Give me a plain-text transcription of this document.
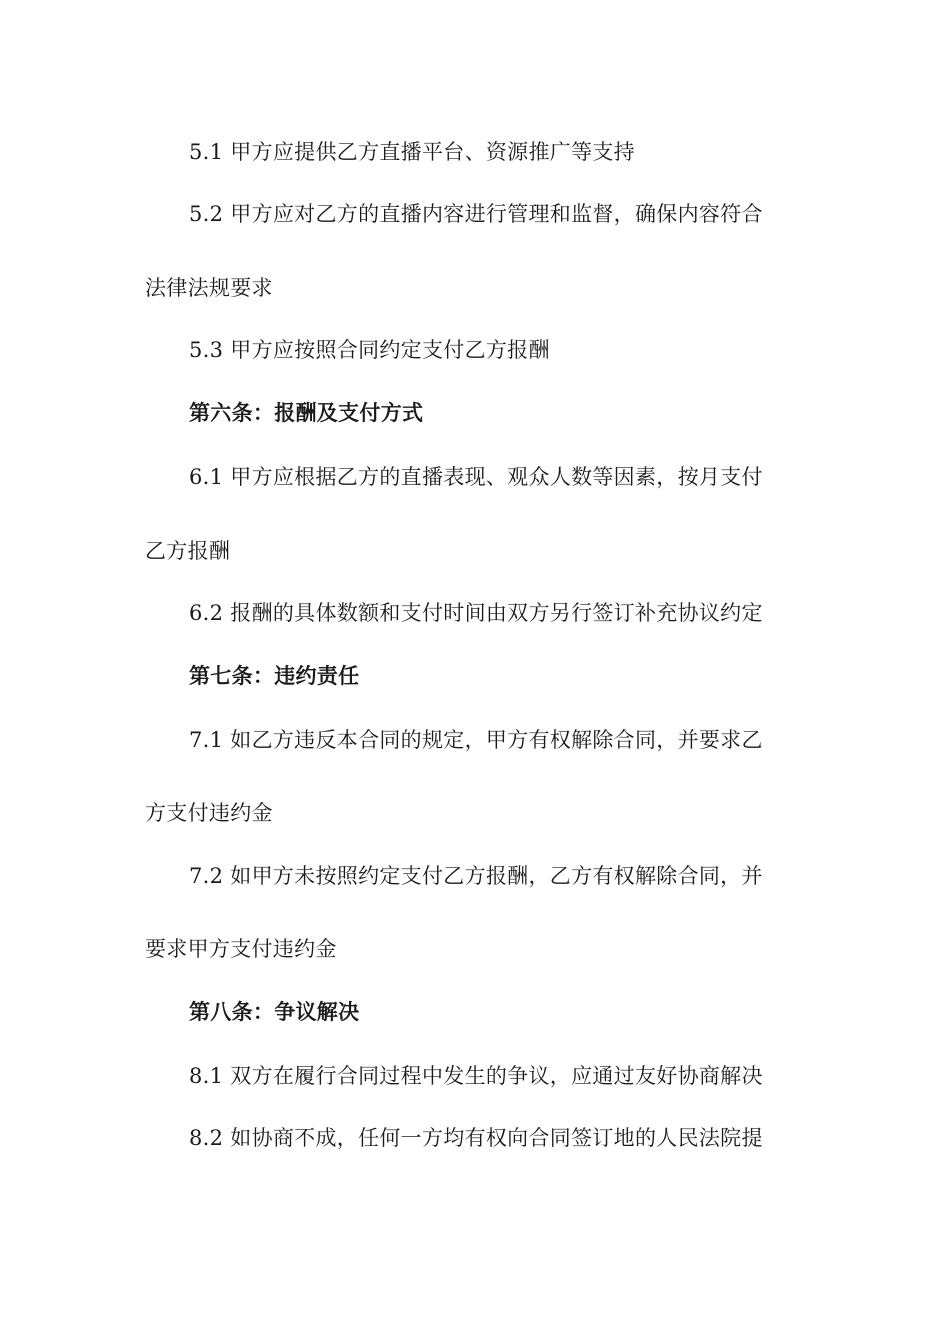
5.1 甲方应提供乙方直播平台、资源推广等支持
5.2 甲方应对乙方的直播内容进行管理和监督，确保内容符合
法律法规要求
5.3 甲方应按照合同约定支付乙方报酬
第六条：报酬及支付方式
6.1 甲方应根据乙方的直播表现、观众人数等因素，按月支付
乙方报酬
6.2 报酬的具体数额和支付时间由双方另行签订补充协议约定
第七条：违约责任
7.1 如乙方违反本合同的规定，甲方有权解除合同，并要求乙
方支付违约金
7.2 如甲方未按照约定支付乙方报酬，乙方有权解除合同，并
要求甲方支付违约金
第八条：争议解决
8.1 双方在履行合同过程中发生的争议，应通过友好协商解决
8.2 如协商不成，任何一方均有权向合同签订地的人民法院提
